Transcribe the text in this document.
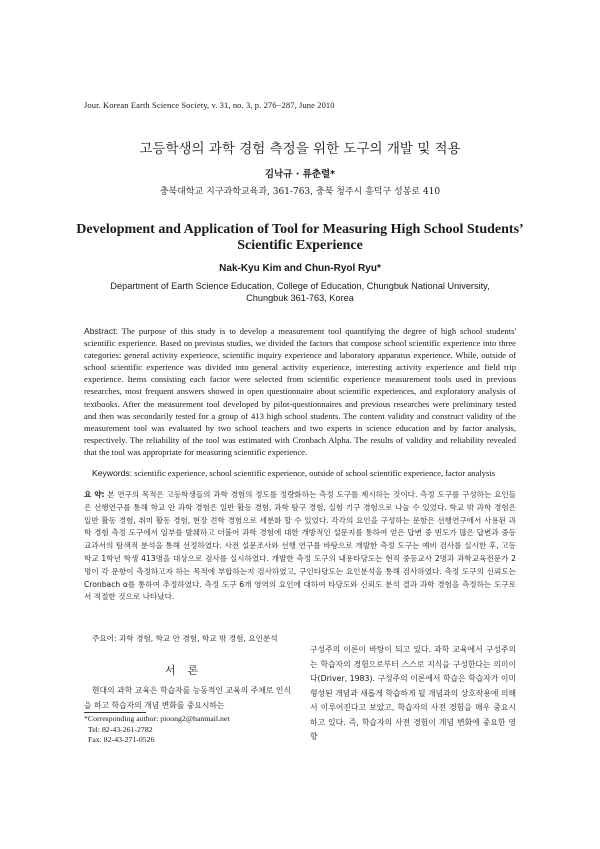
Jour. Korean Earth Science Society, v. 31, no. 3, p. 276−287, June 2010
고등학생의 과학 경험 측정을 위한 도구의 개발 및 적용
김낙규 · 류춘렬*
충북대학교 지구과학교육과, 361-763, 충북 청주시 흥덕구 성봉로 410
Development and Application of Tool for Measuring High School Students’
Scientific Experience
Nak-Kyu Kim and Chun-Ryol Ryu*
Department of Earth Science Education, College of Education, Chungbuk National University,
Chungbuk 361-763, Korea

Abstract: The purpose of this study is to develop a measurement tool quantifying the degree of high school students' scientific experience. Based on previous studies, we divided the factors that compose school scientific experience into three categories: general activity experience, scientific inquiry experience and laboratory apparatus experience. While, outside of school scientific experience was divided into general activity experience, interesting activity experience and field trip experience. Items consisting each factor were selected from scientific experience measurement tools used in previous researches, most frequent answers showed in open questionnaire about scientific experiences, and exploratory analysis of textbooks. After the measurement tool developed by pilot-questionnaires and previous researches were preliminary tested and then was secondarily tested for a group of 413 high school students. The content validity and construct validity of the measurement tool was evaluated by two school teachers and two experts in science education and by factor analysis, respectively. The reliability of the tool was estimated with Cronbach Alpha. The results of validity and reliability revealed that the tool was appropriate for measuring scientific experience.

Keywords: scientific experience, school scientific experience, outside of school scientific experience, factor analysis

요 약: 본 연구의 목적은 고등학생들의 과학 경험의 정도를 정량화하는 측정 도구를 제시하는 것이다. 측정 도구를 구성하는 요인들은 선행연구를 통해 학교 안 과학 경험은 일반 활동 경험, 과학 탐구 경험, 실험 기구 경험으로 나눌 수 있었다. 학교 밖 과학 경험은 일반 활동 경험, 취미 활동 경험, 현장 견학 경험으로 세분화 할 수 있었다. 각각의 요인을 구성하는 문항은 선행연구에서 사용된 과학 경험 측정 도구에서 일부를 발췌하고 더불어 과학 경험에 대한 개방적인 설문지를 통하여 얻은 답변 중 빈도가 많은 답변과 중등 교과서의 탐색적 분석을 통해 선정하였다. 사전 설문조사와 선행 연구를 바탕으로 개발한 측정 도구는 예비 검사를 실시한 후, 고등학교 1학년 학생 413명을 대상으로 검사를 실시하였다. 개발한 측정 도구의 내용타당도는 현직 중등교사 2명과 과학교육전문가 2명이 각 문항이 측정하고자 하는 목적에 부합하는지 검사하였고, 구인타당도는 요인분석을 통해 검사하였다. 측정 도구의 신뢰도는 Cronbach α를 통하여 추정하였다. 측정 도구 6개 영역의 요인에 대하여 타당도와 신뢰도 분석 결과 과학 경험을 측정하는 도구로서 적절한 것으로 나타났다.

주요어: 과학 경험, 학교 안 경험, 학교 밖 경험, 요인분석
서론

현대의 과학 교육은 학습자를 능동적인 교육의 주체로 인식을 하고 학습자의 개념 변화를 중요시하는

*Corresponding author: pioong2@hanmail.net
Tel: 82-43-261-2782
Fax: 82-43-271-0526

구성주의 이론이 바탕이 되고 있다. 과학 교육에서 구성주의는 학습자의 경험으로부터 스스로 지식을 구성한다는 의미이다(Driver, 1983). 구성주의 이론에서 학습은 학습자가 이미 형성된 개념과 새롭게 학습하게 될 개념과의 상호작용에 의해서 이루어진다고 보았고, 학습자의 사전 경험을 매우 중요시하고 있다. 즉, 학습자의 사전 경험이 개념 변화에 중요한 영향
